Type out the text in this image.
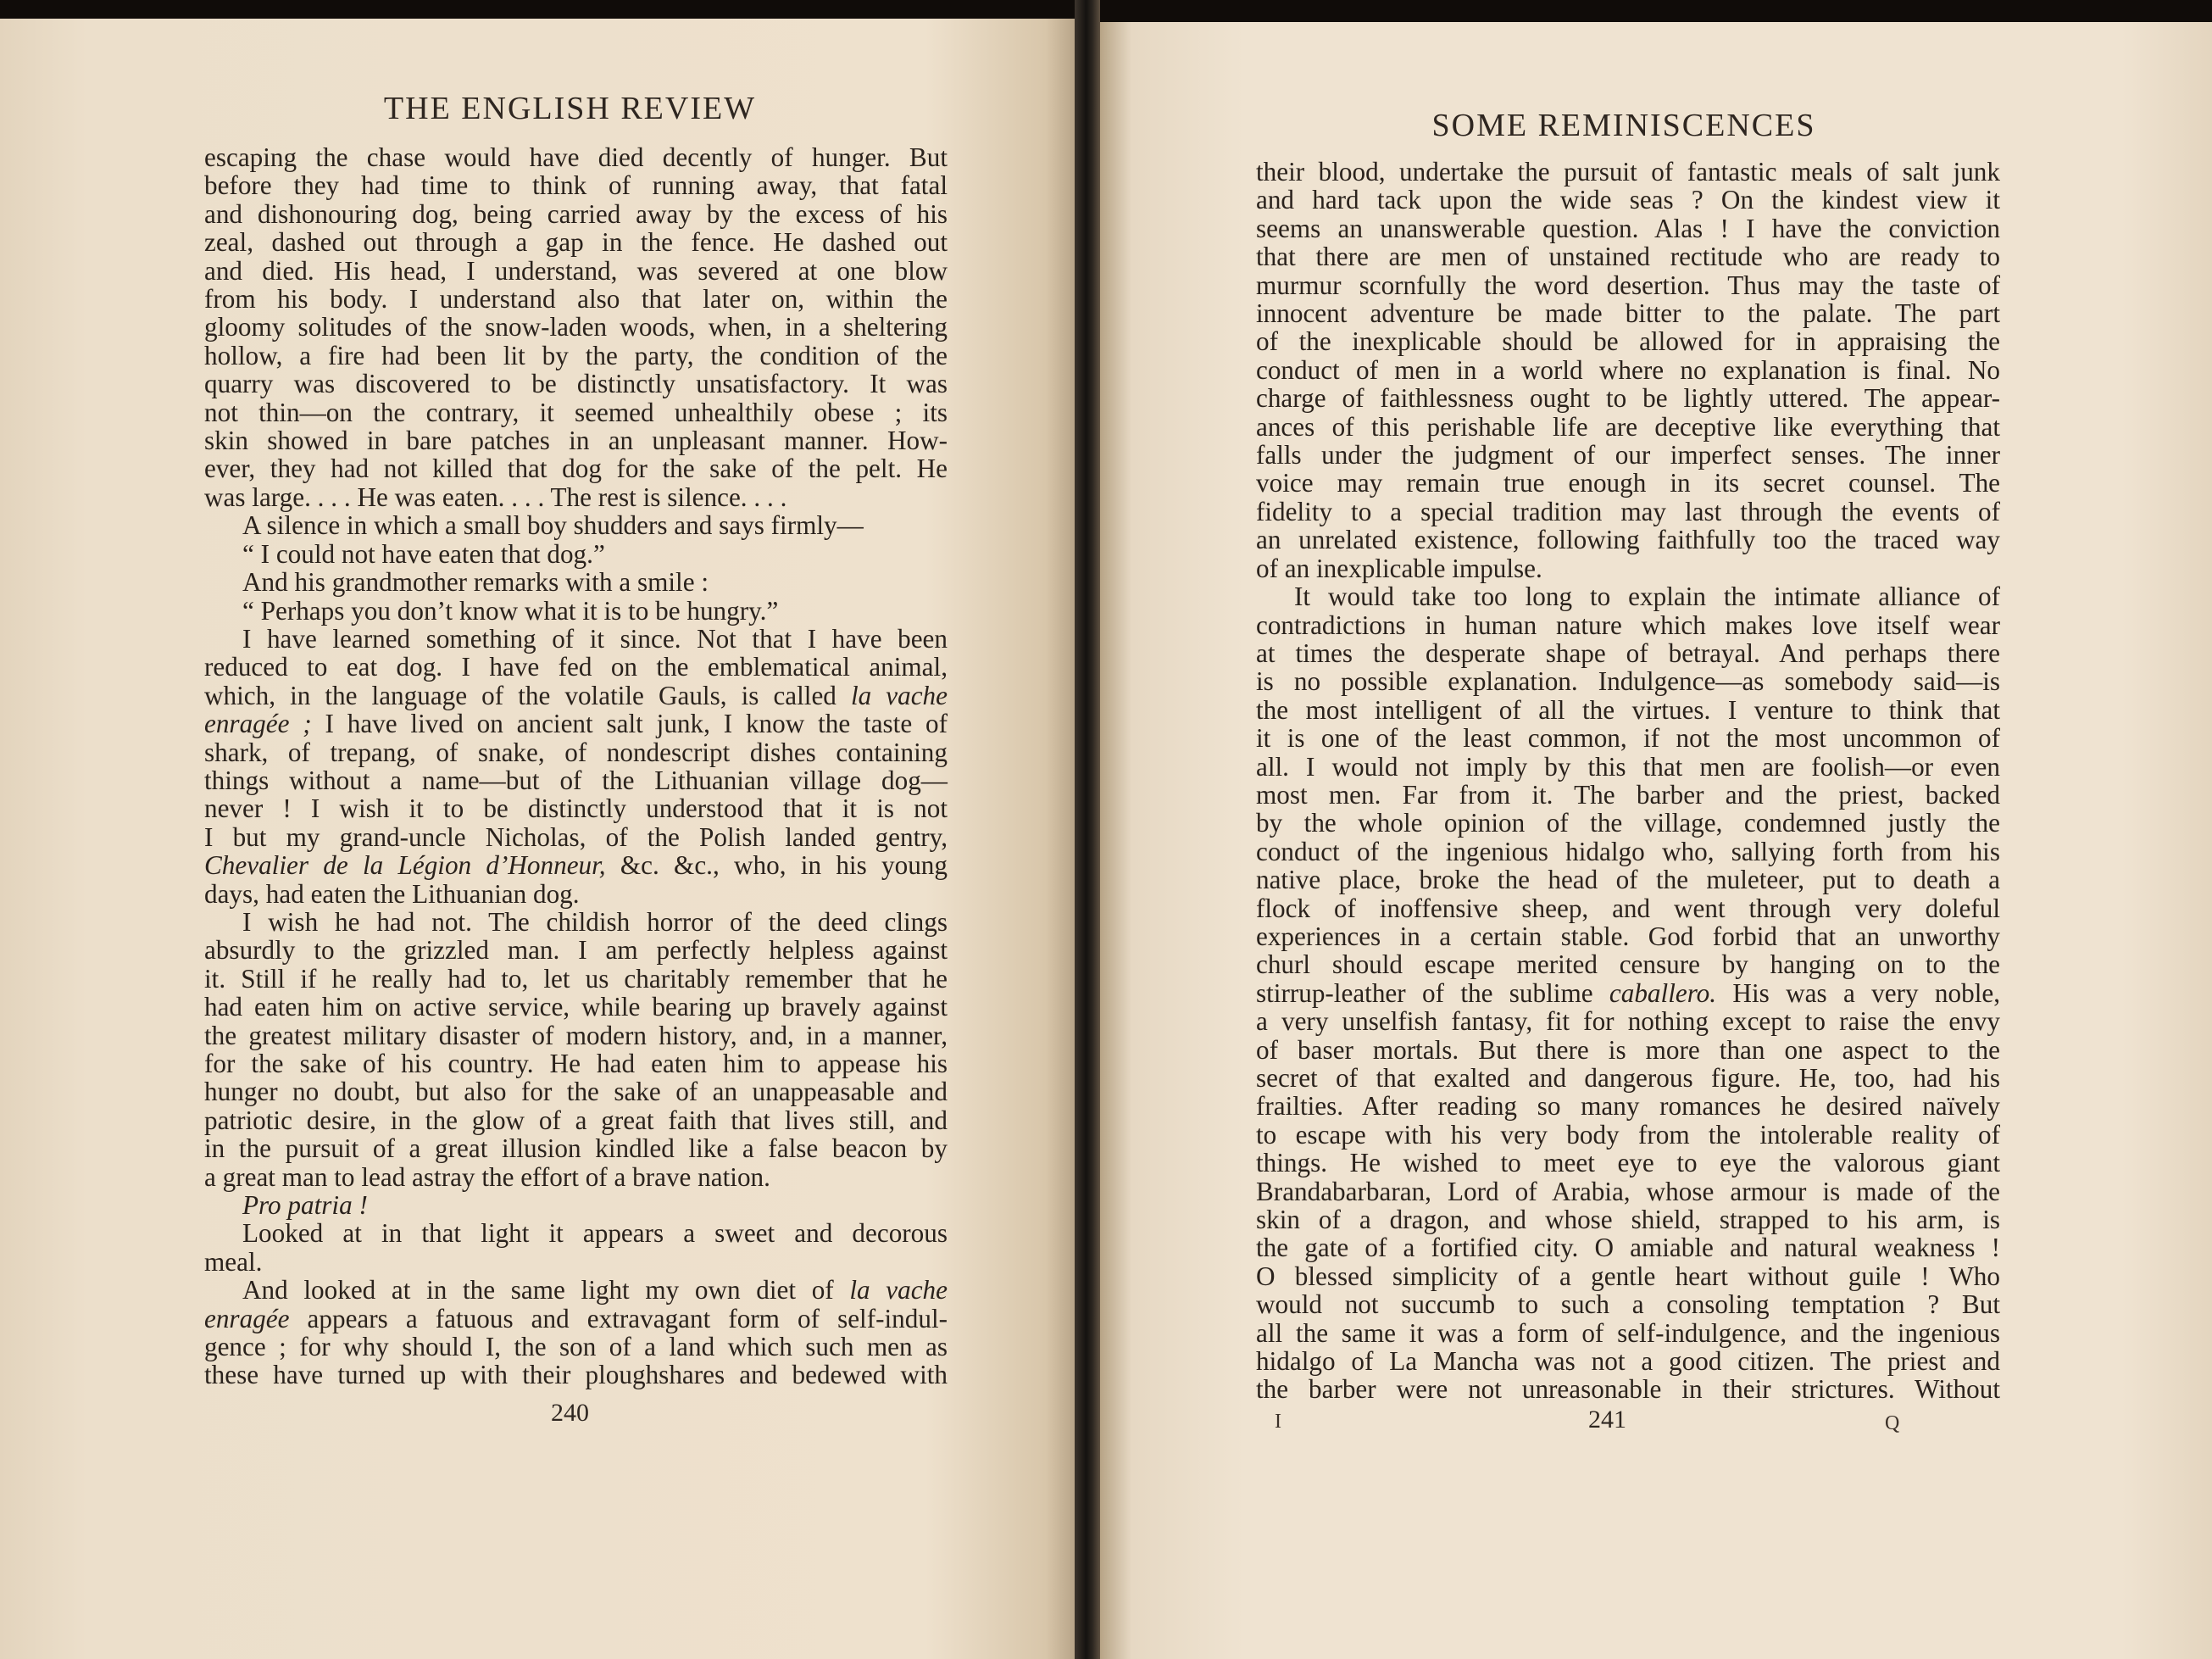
THE ENGLISH REVIEW
escaping the chase would have died decently of hunger. But
before they had time to think of running away, that fatal
and dishonouring dog, being carried away by the excess of his
zeal, dashed out through a gap in the fence. He dashed out
and died. His head, I understand, was severed at one blow
from his body. I understand also that later on, within the
gloomy solitudes of the snow-laden woods, when, in a sheltering
hollow, a fire had been lit by the party, the condition of the
quarry was discovered to be distinctly unsatisfactory. It was
not thin—on the contrary, it seemed unhealthily obese ; its
skin showed in bare patches in an unpleasant manner. How-
ever, they had not killed that dog for the sake of the pelt. He
was large. . . . He was eaten. . . . The rest is silence. . . .
A silence in which a small boy shudders and says firmly—
“ I could not have eaten that dog.”
And his grandmother remarks with a smile :
“ Perhaps you don’t know what it is to be hungry.”
I have learned something of it since. Not that I have been
reduced to eat dog. I have fed on the emblematical animal,
which, in the language of the volatile Gauls, is called la vache
enragée ; I have lived on ancient salt junk, I know the taste of
shark, of trepang, of snake, of nondescript dishes containing
things without a name—but of the Lithuanian village dog—
never ! I wish it to be distinctly understood that it is not
I but my grand-uncle Nicholas, of the Polish landed gentry,
Chevalier de la Légion d’Honneur, &c. &c., who, in his young
days, had eaten the Lithuanian dog.
I wish he had not. The childish horror of the deed clings
absurdly to the grizzled man. I am perfectly helpless against
it. Still if he really had to, let us charitably remember that he
had eaten him on active service, while bearing up bravely against
the greatest military disaster of modern history, and, in a manner,
for the sake of his country. He had eaten him to appease his
hunger no doubt, but also for the sake of an unappeasable and
patriotic desire, in the glow of a great faith that lives still, and
in the pursuit of a great illusion kindled like a false beacon by
a great man to lead astray the effort of a brave nation.
Pro patria !
Looked at in that light it appears a sweet and decorous
meal.
And looked at in the same light my own diet of la vache
enragée appears a fatuous and extravagant form of self-indul-
gence ; for why should I, the son of a land which such men as
these have turned up with their ploughshares and bedewed with
240
SOME REMINISCENCES
their blood, undertake the pursuit of fantastic meals of salt junk
and hard tack upon the wide seas ? On the kindest view it
seems an unanswerable question. Alas ! I have the conviction
that there are men of unstained rectitude who are ready to
murmur scornfully the word desertion. Thus may the taste of
innocent adventure be made bitter to the palate. The part
of the inexplicable should be allowed for in appraising the
conduct of men in a world where no explanation is final. No
charge of faithlessness ought to be lightly uttered. The appear-
ances of this perishable life are deceptive like everything that
falls under the judgment of our imperfect senses. The inner
voice may remain true enough in its secret counsel. The
fidelity to a special tradition may last through the events of
an unrelated existence, following faithfully too the traced way
of an inexplicable impulse.
It would take too long to explain the intimate alliance of
contradictions in human nature which makes love itself wear
at times the desperate shape of betrayal. And perhaps there
is no possible explanation. Indulgence—as somebody said—is
the most intelligent of all the virtues. I venture to think that
it is one of the least common, if not the most uncommon of
all. I would not imply by this that men are foolish—or even
most men. Far from it. The barber and the priest, backed
by the whole opinion of the village, condemned justly the
conduct of the ingenious hidalgo who, sallying forth from his
native place, broke the head of the muleteer, put to death a
flock of inoffensive sheep, and went through very doleful
experiences in a certain stable. God forbid that an unworthy
churl should escape merited censure by hanging on to the
stirrup-leather of the sublime caballero. His was a very noble,
a very unselfish fantasy, fit for nothing except to raise the envy
of baser mortals. But there is more than one aspect to the
secret of that exalted and dangerous figure. He, too, had his
frailties. After reading so many romances he desired naïvely
to escape with his very body from the intolerable reality of
things. He wished to meet eye to eye the valorous giant
Brandabarbaran, Lord of Arabia, whose armour is made of the
skin of a dragon, and whose shield, strapped to his arm, is
the gate of a fortified city. O amiable and natural weakness !
O blessed simplicity of a gentle heart without guile ! Who
would not succumb to such a consoling temptation ? But
all the same it was a form of self-indulgence, and the ingenious
hidalgo of La Mancha was not a good citizen. The priest and
the barber were not unreasonable in their strictures. Without
I	241	Q
